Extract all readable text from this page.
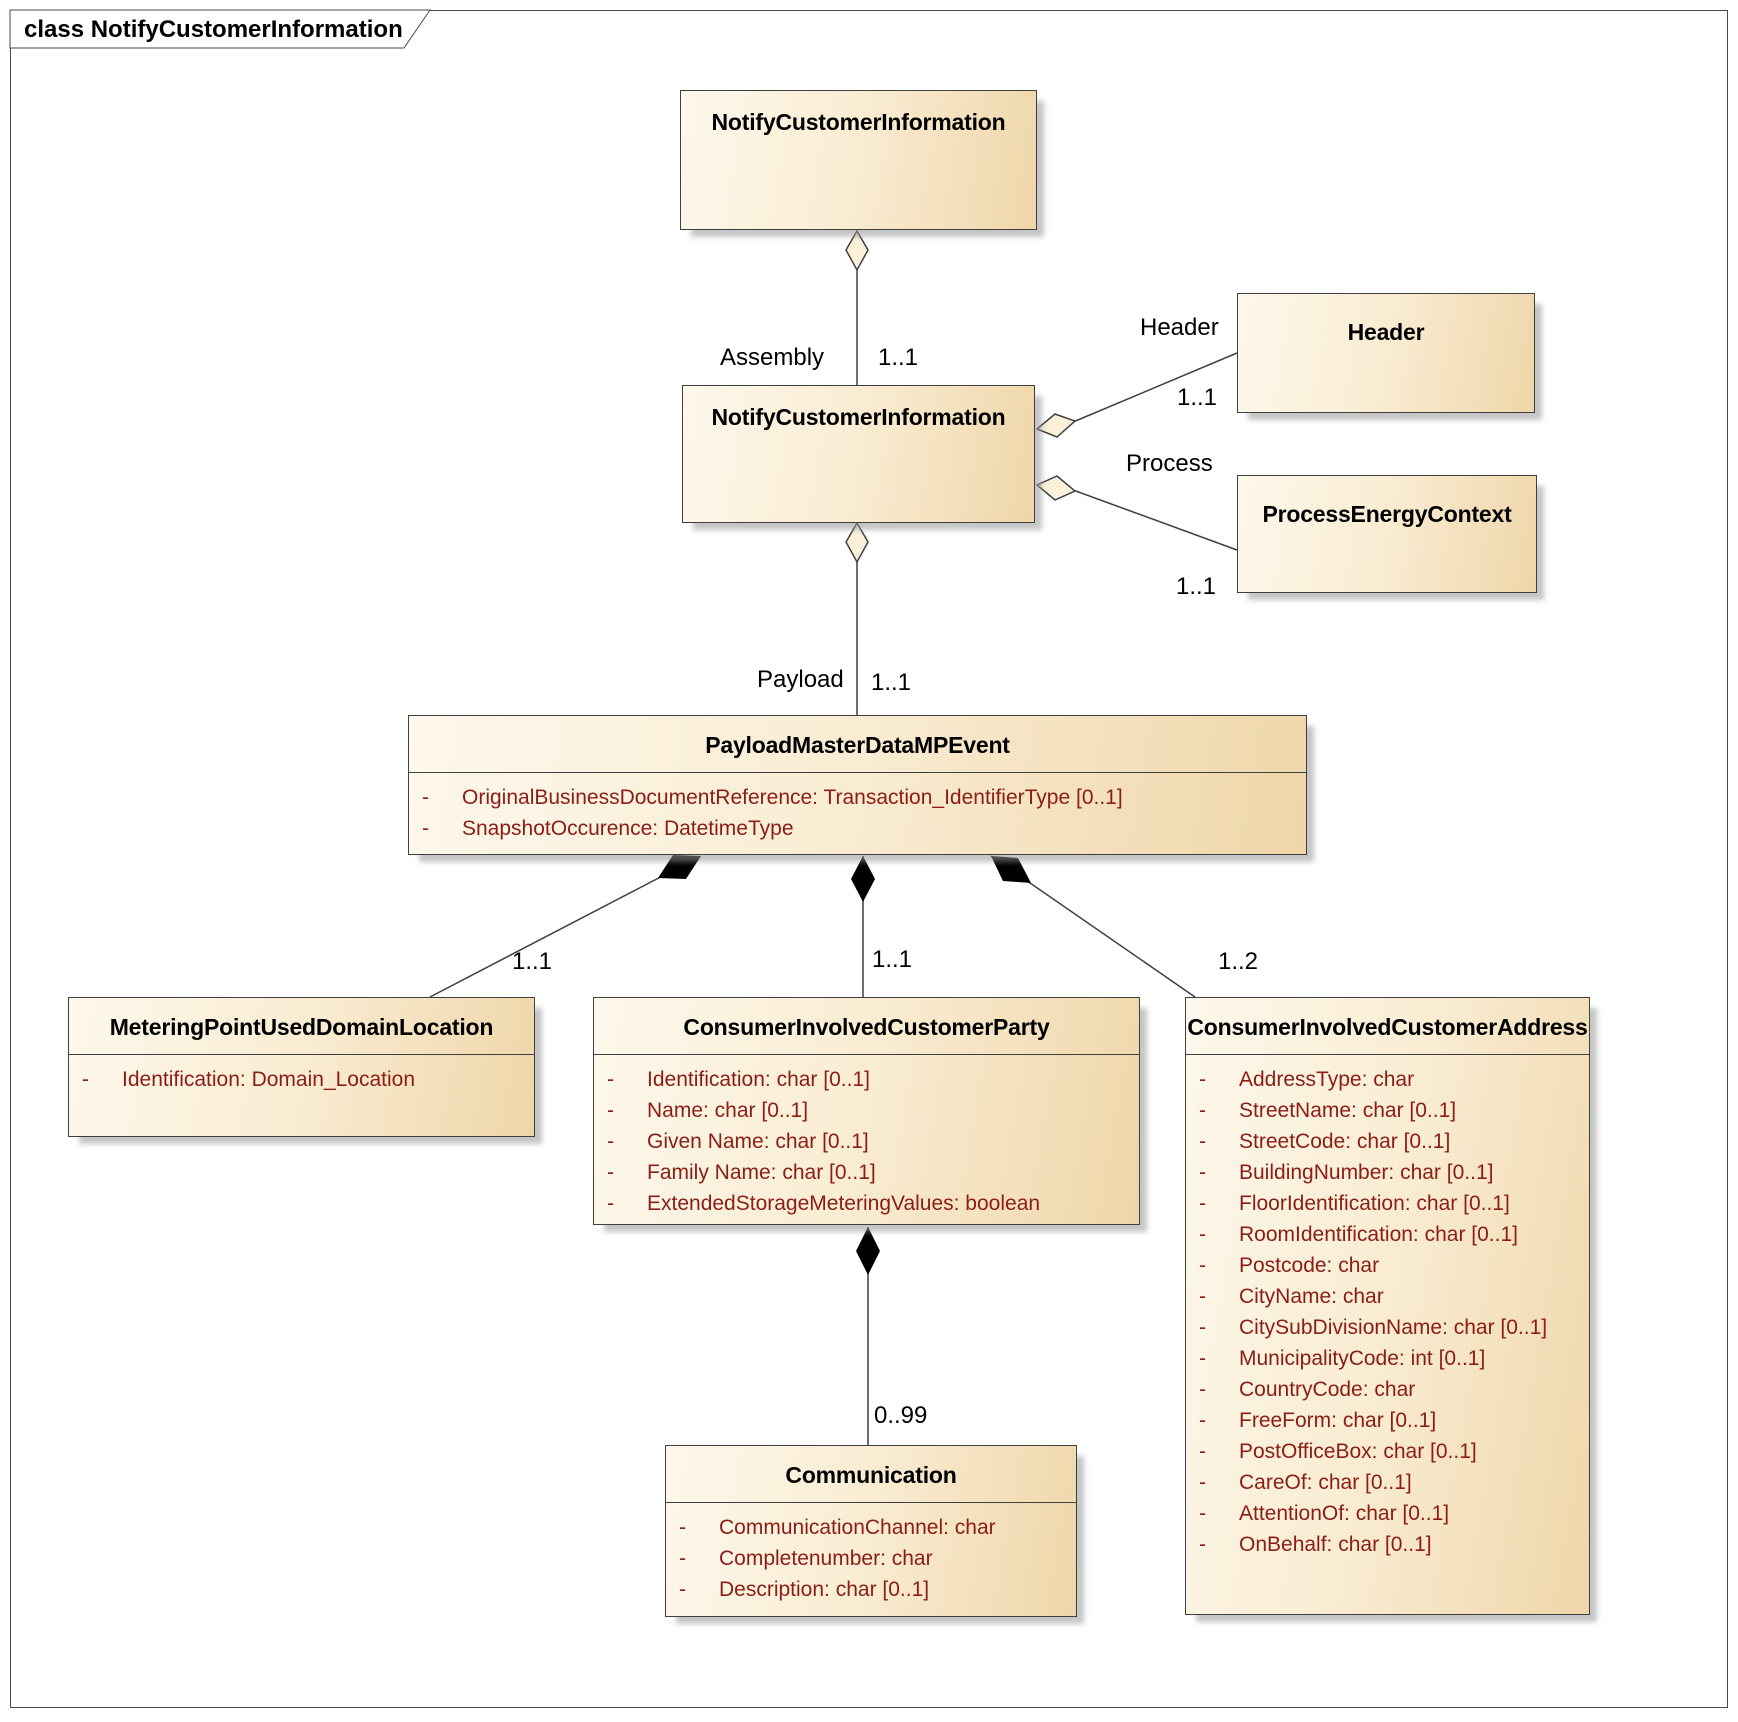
class NotifyCustomerInformation
NotifyCustomerInformation
NotifyCustomerInformation
Header
ProcessEnergyContext
PayloadMasterDataMPEvent
-	OriginalBusinessDocumentReference: Transaction_IdentifierType [0..1]
-	SnapshotOccurence: DatetimeType
MeteringPointUsedDomainLocation
-	Identification: Domain_Location
ConsumerInvolvedCustomerParty
-	Identification: char [0..1]
-	Name: char [0..1]
-	Given Name: char [0..1]
-	Family Name: char [0..1]
-	ExtendedStorageMeteringValues: boolean
ConsumerInvolvedCustomerAddress
-	AddressType: char
-	StreetName: char [0..1]
-	StreetCode: char [0..1]
-	BuildingNumber: char [0..1]
-	FloorIdentification: char [0..1]
-	RoomIdentification: char [0..1]
-	Postcode: char
-	CityName: char
-	CitySubDivisionName: char [0..1]
-	MunicipalityCode: int [0..1]
-	CountryCode: char
-	FreeForm: char [0..1]
-	PostOfficeBox: char [0..1]
-	CareOf: char [0..1]
-	AttentionOf: char [0..1]
-	OnBehalf: char [0..1]
Communication
-	CommunicationChannel: char
-	Completenumber: char
-	Description: char [0..1]
Assembly 1..1
Header
1..1
Process
1..1
Payload 1..1
1..1	1..1	1..2
0..99
